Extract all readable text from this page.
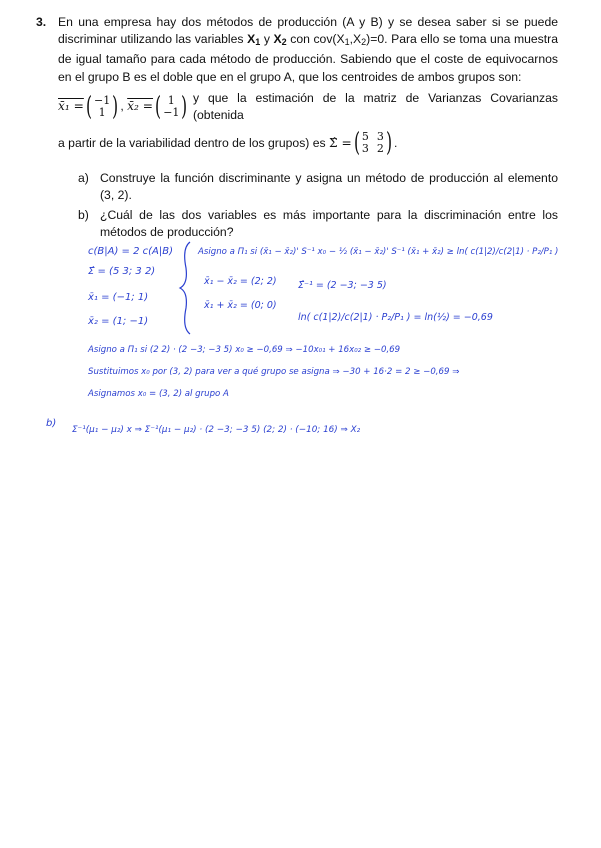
3. En una empresa hay dos métodos de producción (A y B) y se desea saber si se puede discriminar utilizando las variables $X_1$ y $X_2$ con $cov(X_1,X_2)=0$. Para ello se toma una muestra de igual tamaño para cada método de producción. Sabiendo que el coste de equivocarnos en el grupo B es el doble que en el grupo A, que los centroides de ambos grupos son:

x̄₁ = ( −1
1 ) , x̄₂ = ( 1
−1 )
y que la estimación de la matriz de Varianzas Covarianzas (obtenida
a partir de la variabilidad dentro de los grupos) es Σ̂ = ( 5
3
3
2 ) .
a) Construye la función discriminante y asigna un método de producción al elemento (3, 2).
b) ¿Cuál de las dos variables es más importante para la discriminación entre los métodos de producción?
c(B|A) = 2 c(A|B)
Σ̂ = (5 3; 3 2)
x̄₁ = (−1; 1)
x̄₂ = (1; −1)
Asigno a Π₁ si (x̄₁ − x̄₂)' S⁻¹ x₀ − ½ (x̄₁ − x̄₂)' S⁻¹ (x̄₁ + x̄₂) ≥ ln( c(1|2)/c(2|1) · P₂/P₁ )
x̄₁ − x̄₂ = (2; 2) Σ̂⁻¹ = (2 −3; −3 5)
x̄₁ + x̄₂ = (0; 0)
ln( c(1|2)/c(2|1) · P₂/P₁ ) = ln(½) = −0,69
Asigno a Π₁ si (2 2) · (2 −3; −3 5) x₀ ≥ −0,69 ⇒ −10x₀₁ + 16x₀₂ ≥ −0,69
Sustituimos x₀ por (3, 2) para ver a qué grupo se asigna ⇒ −30 + 16·2 = 2 ≥ −0,69 ⇒
Asignamos x₀ = (3, 2) al grupo A
b)
Σ⁻¹(μ₁ − μ₂) x ⇒ Σ⁻¹(μ₁ − μ₂) · (2 −3; −3 5) (2; 2) · (−10; 16) ⇒ X₂
